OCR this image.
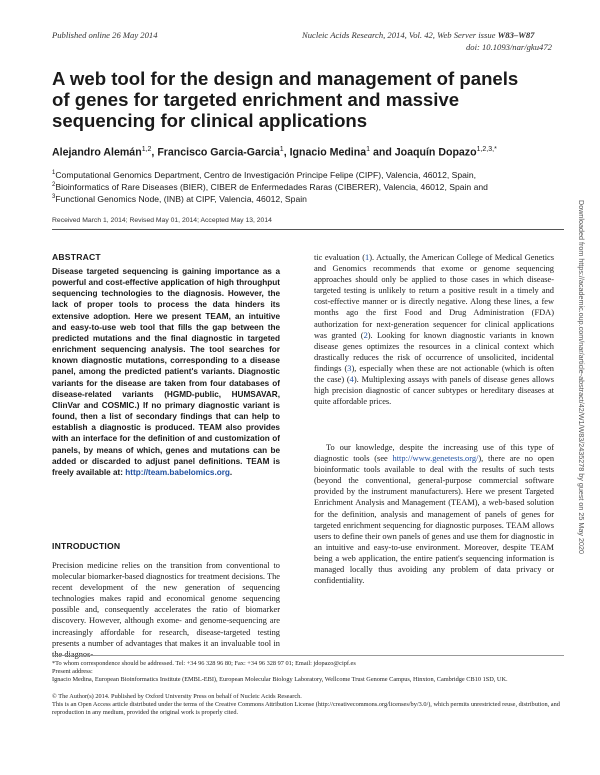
Published online 26 May 2014	Nucleic Acids Research, 2014, Vol. 42, Web Server issue W83–W87
doi: 10.1093/nar/gku472
A web tool for the design and management of panels of genes for targeted enrichment and massive sequencing for clinical applications
Alejandro Alemán$^{1,2}$, Francisco Garcia-Garcia$^1$, Ignacio Medina$^1$ and Joaquín Dopazo$^{1,2,3,*}$
$^1$Computational Genomics Department, Centro de Investigación Principe Felipe (CIPF), Valencia, 46012, Spain,
$^2$Bioinformatics of Rare Diseases (BIER), CIBER de Enfermedades Raras (CIBERER), Valencia, 46012, Spain and
$^3$Functional Genomics Node, (INB) at CIPF, Valencia, 46012, Spain
Received March 1, 2014; Revised May 01, 2014; Accepted May 13, 2014
ABSTRACT
Disease targeted sequencing is gaining importance as a powerful and cost-effective application of high throughput sequencing technologies to the diagnosis. However, the lack of proper tools to process the data hinders its extensive adoption. Here we present TEAM, an intuitive and easy-to-use web tool that fills the gap between the predicted mutations and the final diagnostic in targeted enrichment sequencing analysis. The tool searches for known diagnostic mutations, corresponding to a disease panel, among the predicted patient's variants. Diagnostic variants for the disease are taken from four databases of disease-related variants (HGMD-public, HUMSAVAR, ClinVar and COSMIC.) If no primary diagnostic variant is found, then a list of secondary findings that can help to establish a diagnostic is produced. TEAM also provides with an interface for the definition of and customization of panels, by means of which, genes and mutations can be added or discarded to adjust panel definitions. TEAM is freely available at: http://team.babelomics.org.
INTRODUCTION
Precision medicine relies on the transition from conventional to molecular biomarker-based diagnostics for treatment decisions. The recent development of the new generation of sequencing technologies makes rapid and economical genome sequencing possible and, consequently accelerates the ratio of biomarker discovery. However, although exome- and genome-sequencing are increasingly affordable for research, disease-targeted testing presents a number of advantages that makes it an invaluable tool in the diagnos-
tic evaluation (1). Actually, the American College of Medical Genetics and Genomics recommends that exome or genome sequencing approaches should only be applied to those cases in which disease-targeted testing is unlikely to return a positive result in a timely and cost-effective manner or is directly negative. Along these lines, a few months ago the first Food and Drug Administration (FDA) authorization for next-generation sequencer for clinical applications was granted (2). Looking for known diagnostic variants in known disease genes optimizes the resources in a clinical context which drastically reduces the risk of occurrence of unsolicited, incidental findings (3), especially when these are not actionable (which is often the case) (4). Multiplexing assays with panels of disease genes allows high precision diagnostic of cancer subtypes or hereditary diseases at quite affordable prices.
To our knowledge, despite the increasing use of this type of diagnostic tools (see http://www.genetests.org/), there are no open bioinformatic tools available to deal with the results of such tests (beyond the conventional, general-purpose commercial software provided by the instrument manufacturers). Here we present Targeted Enrichment Analysis and Management (TEAM), a web-based solution for the definition, analysis and management of panels of genes for targeted enrichment sequencing for diagnostic purposes. TEAM allows users to define their own panels of genes and use them for diagnostic in an intuitive and easy-to-use environment. Moreover, despite TEAM being a web application, the entire patient's sequencing information is managed locally thus avoiding any problem of data privacy or confidentiality.
*To whom correspondence should be addressed. Tel: +34 96 328 96 80; Fax: +34 96 328 97 01; Email: jdopazo@cipf.es
Present address:
Ignacio Medina, European Bioinformatics Institute (EMBL-EBI), European Molecular Biology Laboratory, Wellcome Trust Genome Campus, Hinxton, Cambridge CB10 1SD, UK.
© The Author(s) 2014. Published by Oxford University Press on behalf of Nucleic Acids Research.
This is an Open Access article distributed under the terms of the Creative Commons Attribution License (http://creativecommons.org/licenses/by/3.0/), which permits unrestricted reuse, distribution, and reproduction in any medium, provided the original work is properly cited.
Downloaded from https://academic.oup.com/nar/article-abstract/42/W1/W83/2435278 by guest on 25 May 2020
